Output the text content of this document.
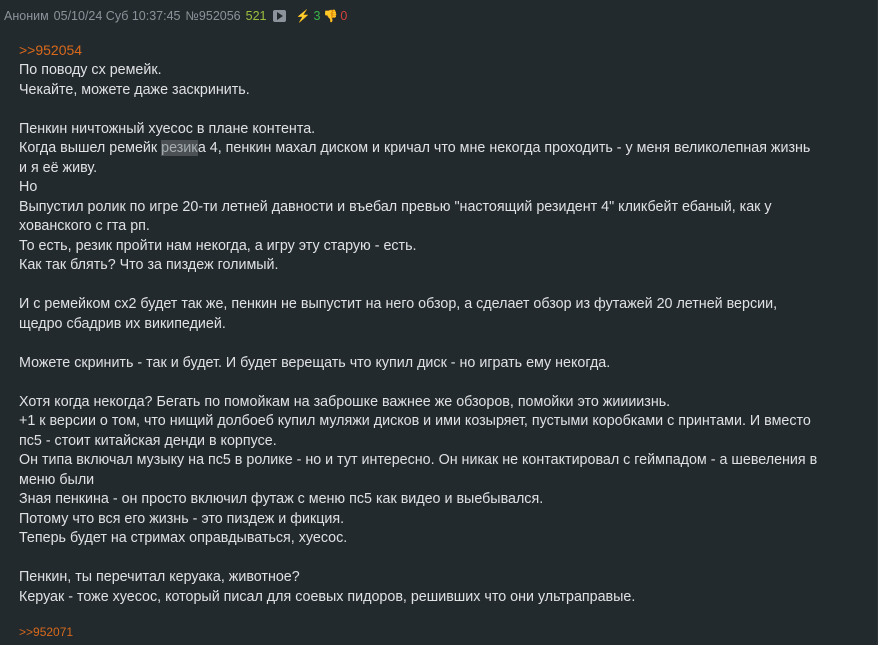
Аноним 05/10/24 Суб 10:37:45 №952056 521 ⚡ 3 👎 0
>>952054
По поводу сх ремейк.
Чекайте, можете даже заскринить.
Пенкин ничтожный хуесос в плане контента.
Когда вышел ремейк резика 4, пенкин махал диском и кричал что мне некогда проходить - у меня великолепная жизнь
и я её живу.
Но
Выпустил ролик по игре 20-ти летней давности и въебал превью "настоящий резидент 4" кликбейт ебаный, как у
хованского с гта рп.
То есть, резик пройти нам некогда, а игру эту старую - есть.
Как так блять? Что за пиздеж голимый.
И с ремейком сх2 будет так же, пенкин не выпустит на него обзор, а сделает обзор из футажей 20 летней версии,
щедро сбадрив их википедией.
Можете скринить - так и будет. И будет верещать что купил диск - но играть ему некогда.
Хотя когда некогда? Бегать по помойкам на заброшке важнее же обзоров, помойки это жиииизнь.
+1 к версии о том, что нищий долбоеб купил муляжи дисков и ими козыряет, пустыми коробками с принтами. И вместо
пс5 - стоит китайская денди в корпусе.
Он типа включал музыку на пс5 в ролике - но и тут интересно. Он никак не контактировал с геймпадом - а шевеления в
меню были
Зная пенкина - он просто включил футаж с меню пс5 как видео и выебывался.
Потому что вся его жизнь - это пиздеж и фикция.
Теперь будет на стримах оправдываться, хуесос.
Пенкин, ты перечитал керуака, животное?
Керуак - тоже хуесос, который писал для соевых пидоров, решивших что они ультраправые.
>>952071
